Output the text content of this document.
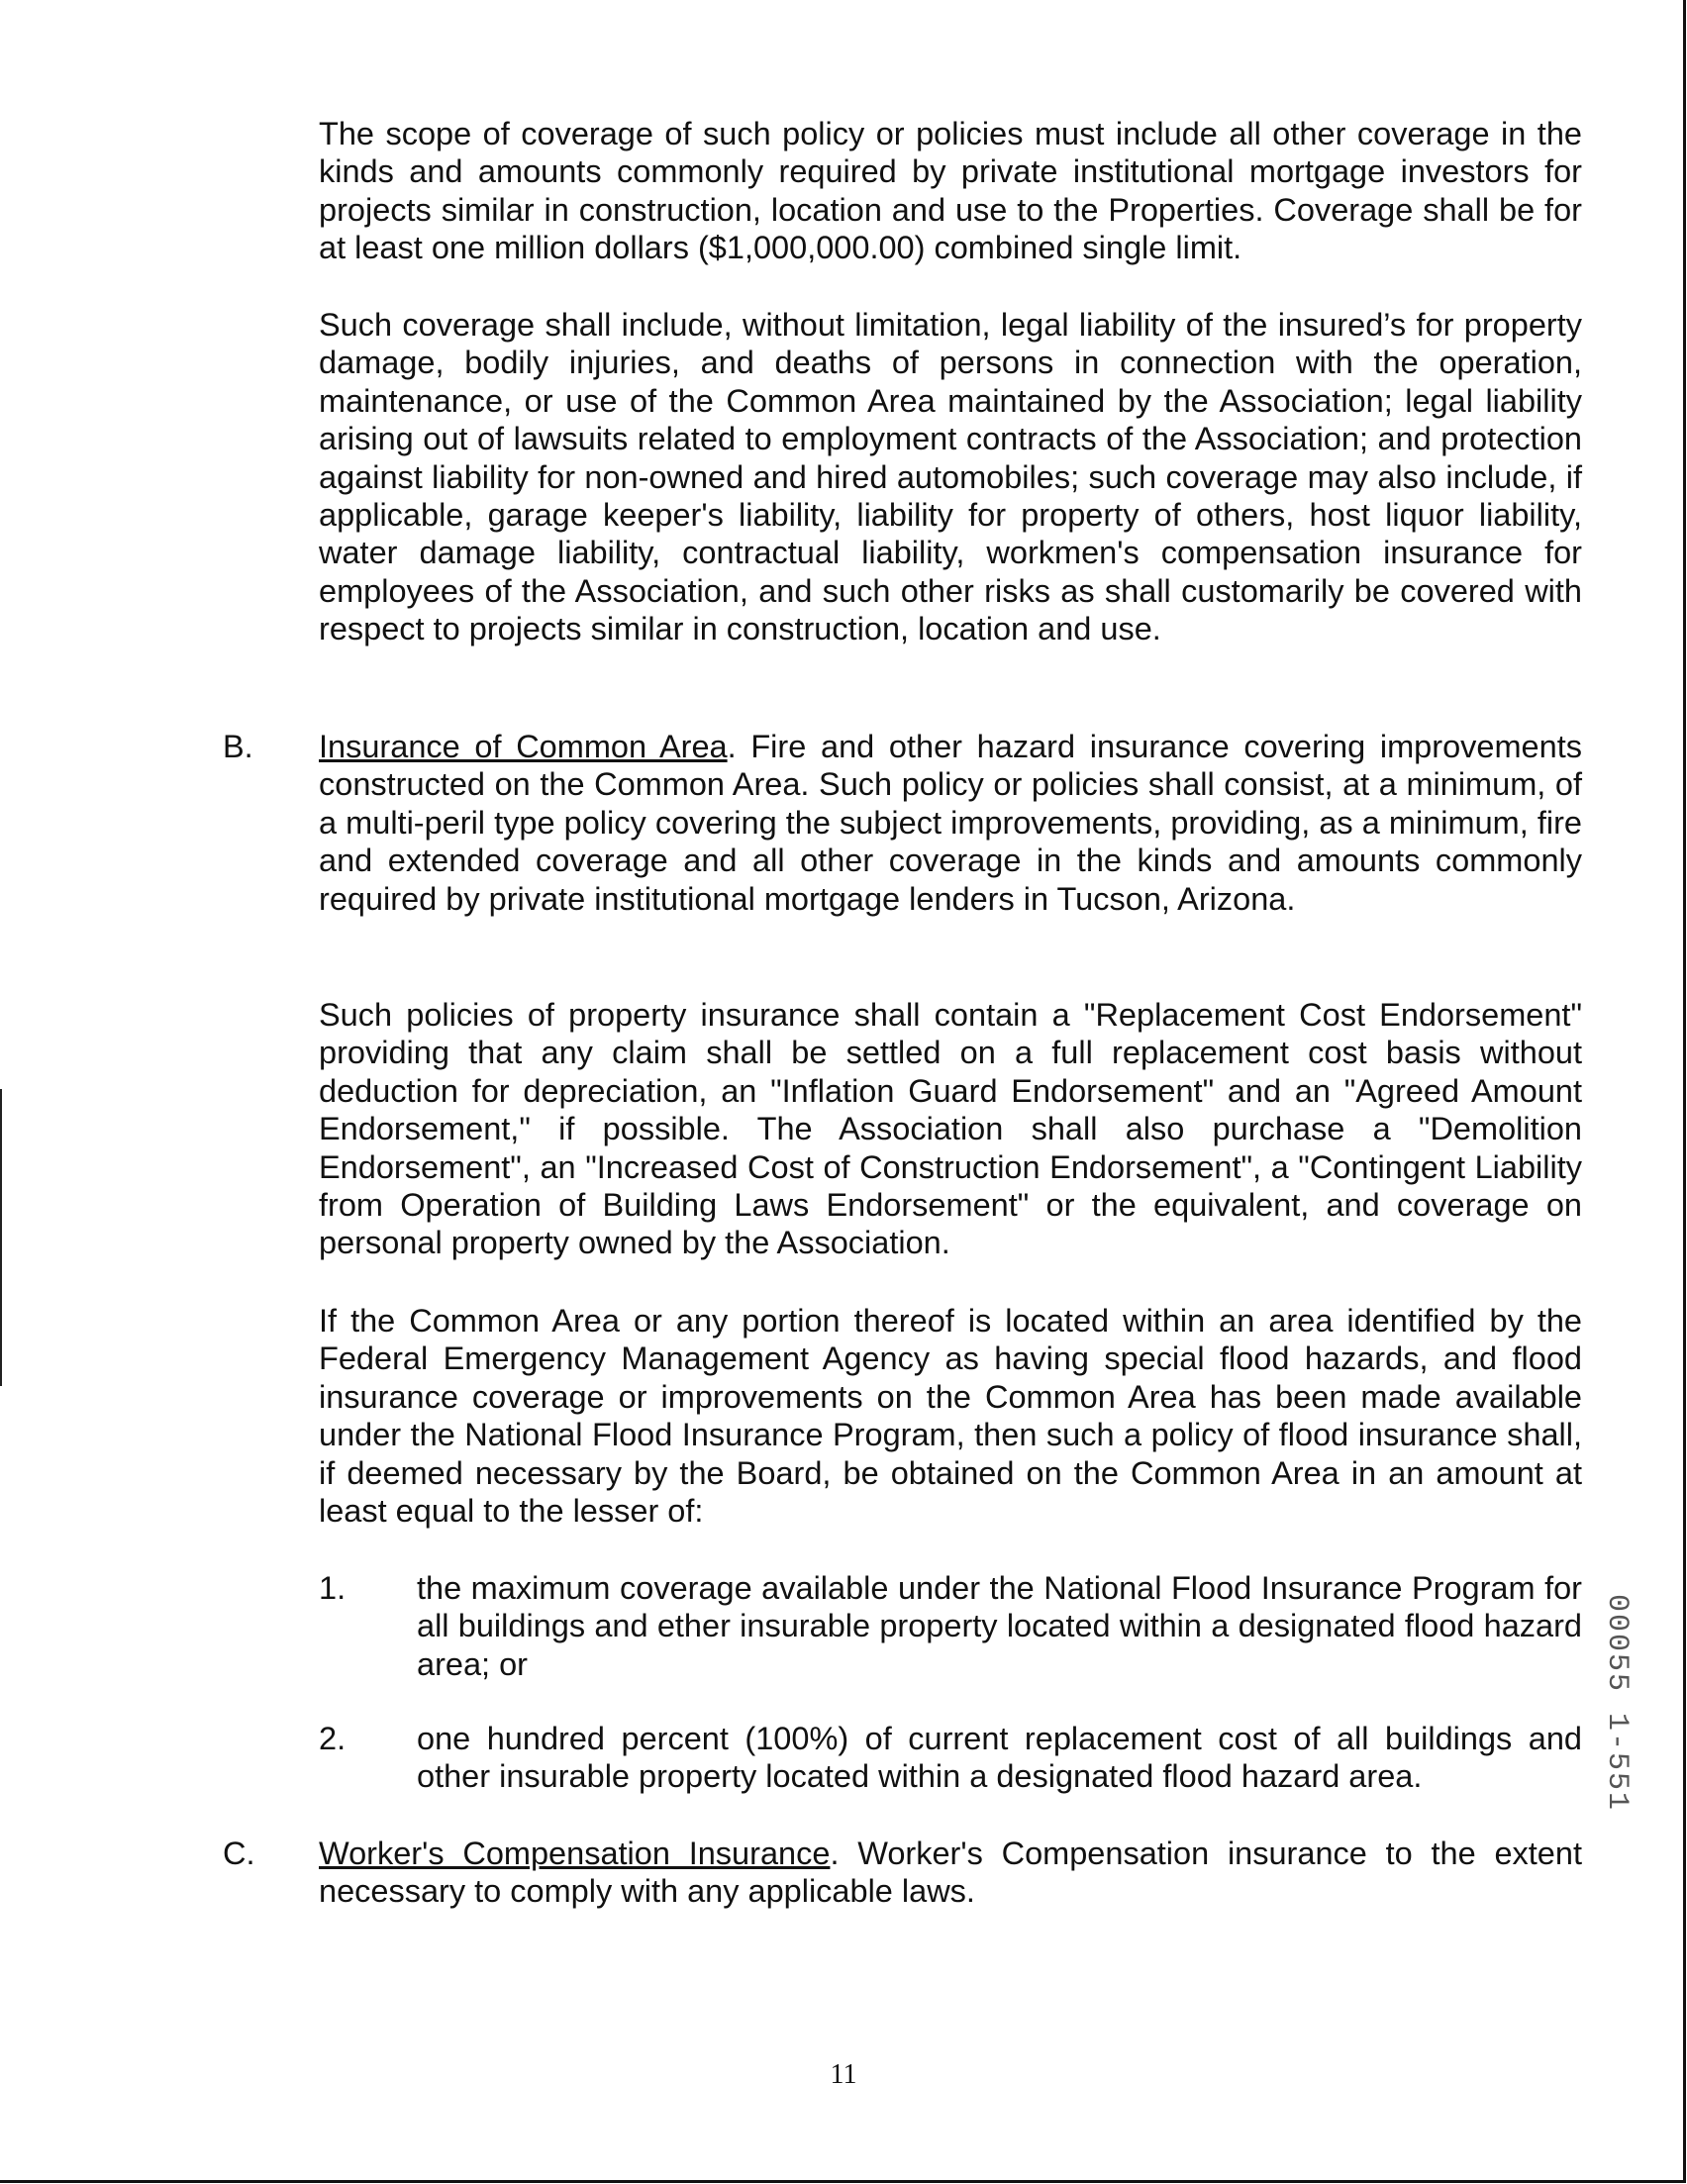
The scope of coverage of such policy or policies must include all other coverage in the kinds and amounts commonly required by private institutional mortgage investors for projects similar in construction, location and use to the Properties. Coverage shall be for at least one million dollars ($1,000,000.00) combined single limit.

Such coverage shall include, without limitation, legal liability of the insured’s for property damage, bodily injuries, and deaths of persons in connection with the operation, maintenance, or use of the Common Area maintained by the Association; legal liability arising out of lawsuits related to employment contracts of the Association; and protection against liability for non-owned and hired automobiles; such coverage may also include, if applicable, garage keeper's liability, liability for property of others, host liquor liability, water damage liability, contractual liability, workmen's compensation insurance for employees of the Association, and such other risks as shall customarily be covered with respect to projects similar in construction, location and use.

B. Insurance of Common Area. Fire and other hazard insurance covering improvements constructed on the Common Area. Such policy or policies shall consist, at a minimum, of a multi-peril type policy covering the subject improvements, providing, as a minimum, fire and extended coverage and all other coverage in the kinds and amounts commonly required by private institutional mortgage lenders in Tucson, Arizona.

Such policies of property insurance shall contain a "Replacement Cost Endorsement" providing that any claim shall be settled on a full replacement cost basis without deduction for depreciation, an "Inflation Guard Endorsement" and an "Agreed Amount Endorsement," if possible. The Association shall also purchase a "Demolition Endorsement", an "Increased Cost of Construction Endorsement", a "Contingent Liability from Operation of Building Laws Endorsement" or the equivalent, and coverage on personal property owned by the Association.

If the Common Area or any portion thereof is located within an area identified by the Federal Emergency Management Agency as having special flood hazards, and flood insurance coverage or improvements on the Common Area has been made available under the National Flood Insurance Program, then such a policy of flood insurance shall, if deemed necessary by the Board, be obtained on the Common Area in an amount at least equal to the lesser of:

1. the maximum coverage available under the National Flood Insurance Program for all buildings and ether insurable property located within a designated flood hazard area; or

2. one hundred percent (100%) of current replacement cost of all buildings and other insurable property located within a designated flood hazard area.

C. Worker's Compensation Insurance. Worker's Compensation insurance to the extent necessary to comply with any applicable laws.

00055 1-551
11
